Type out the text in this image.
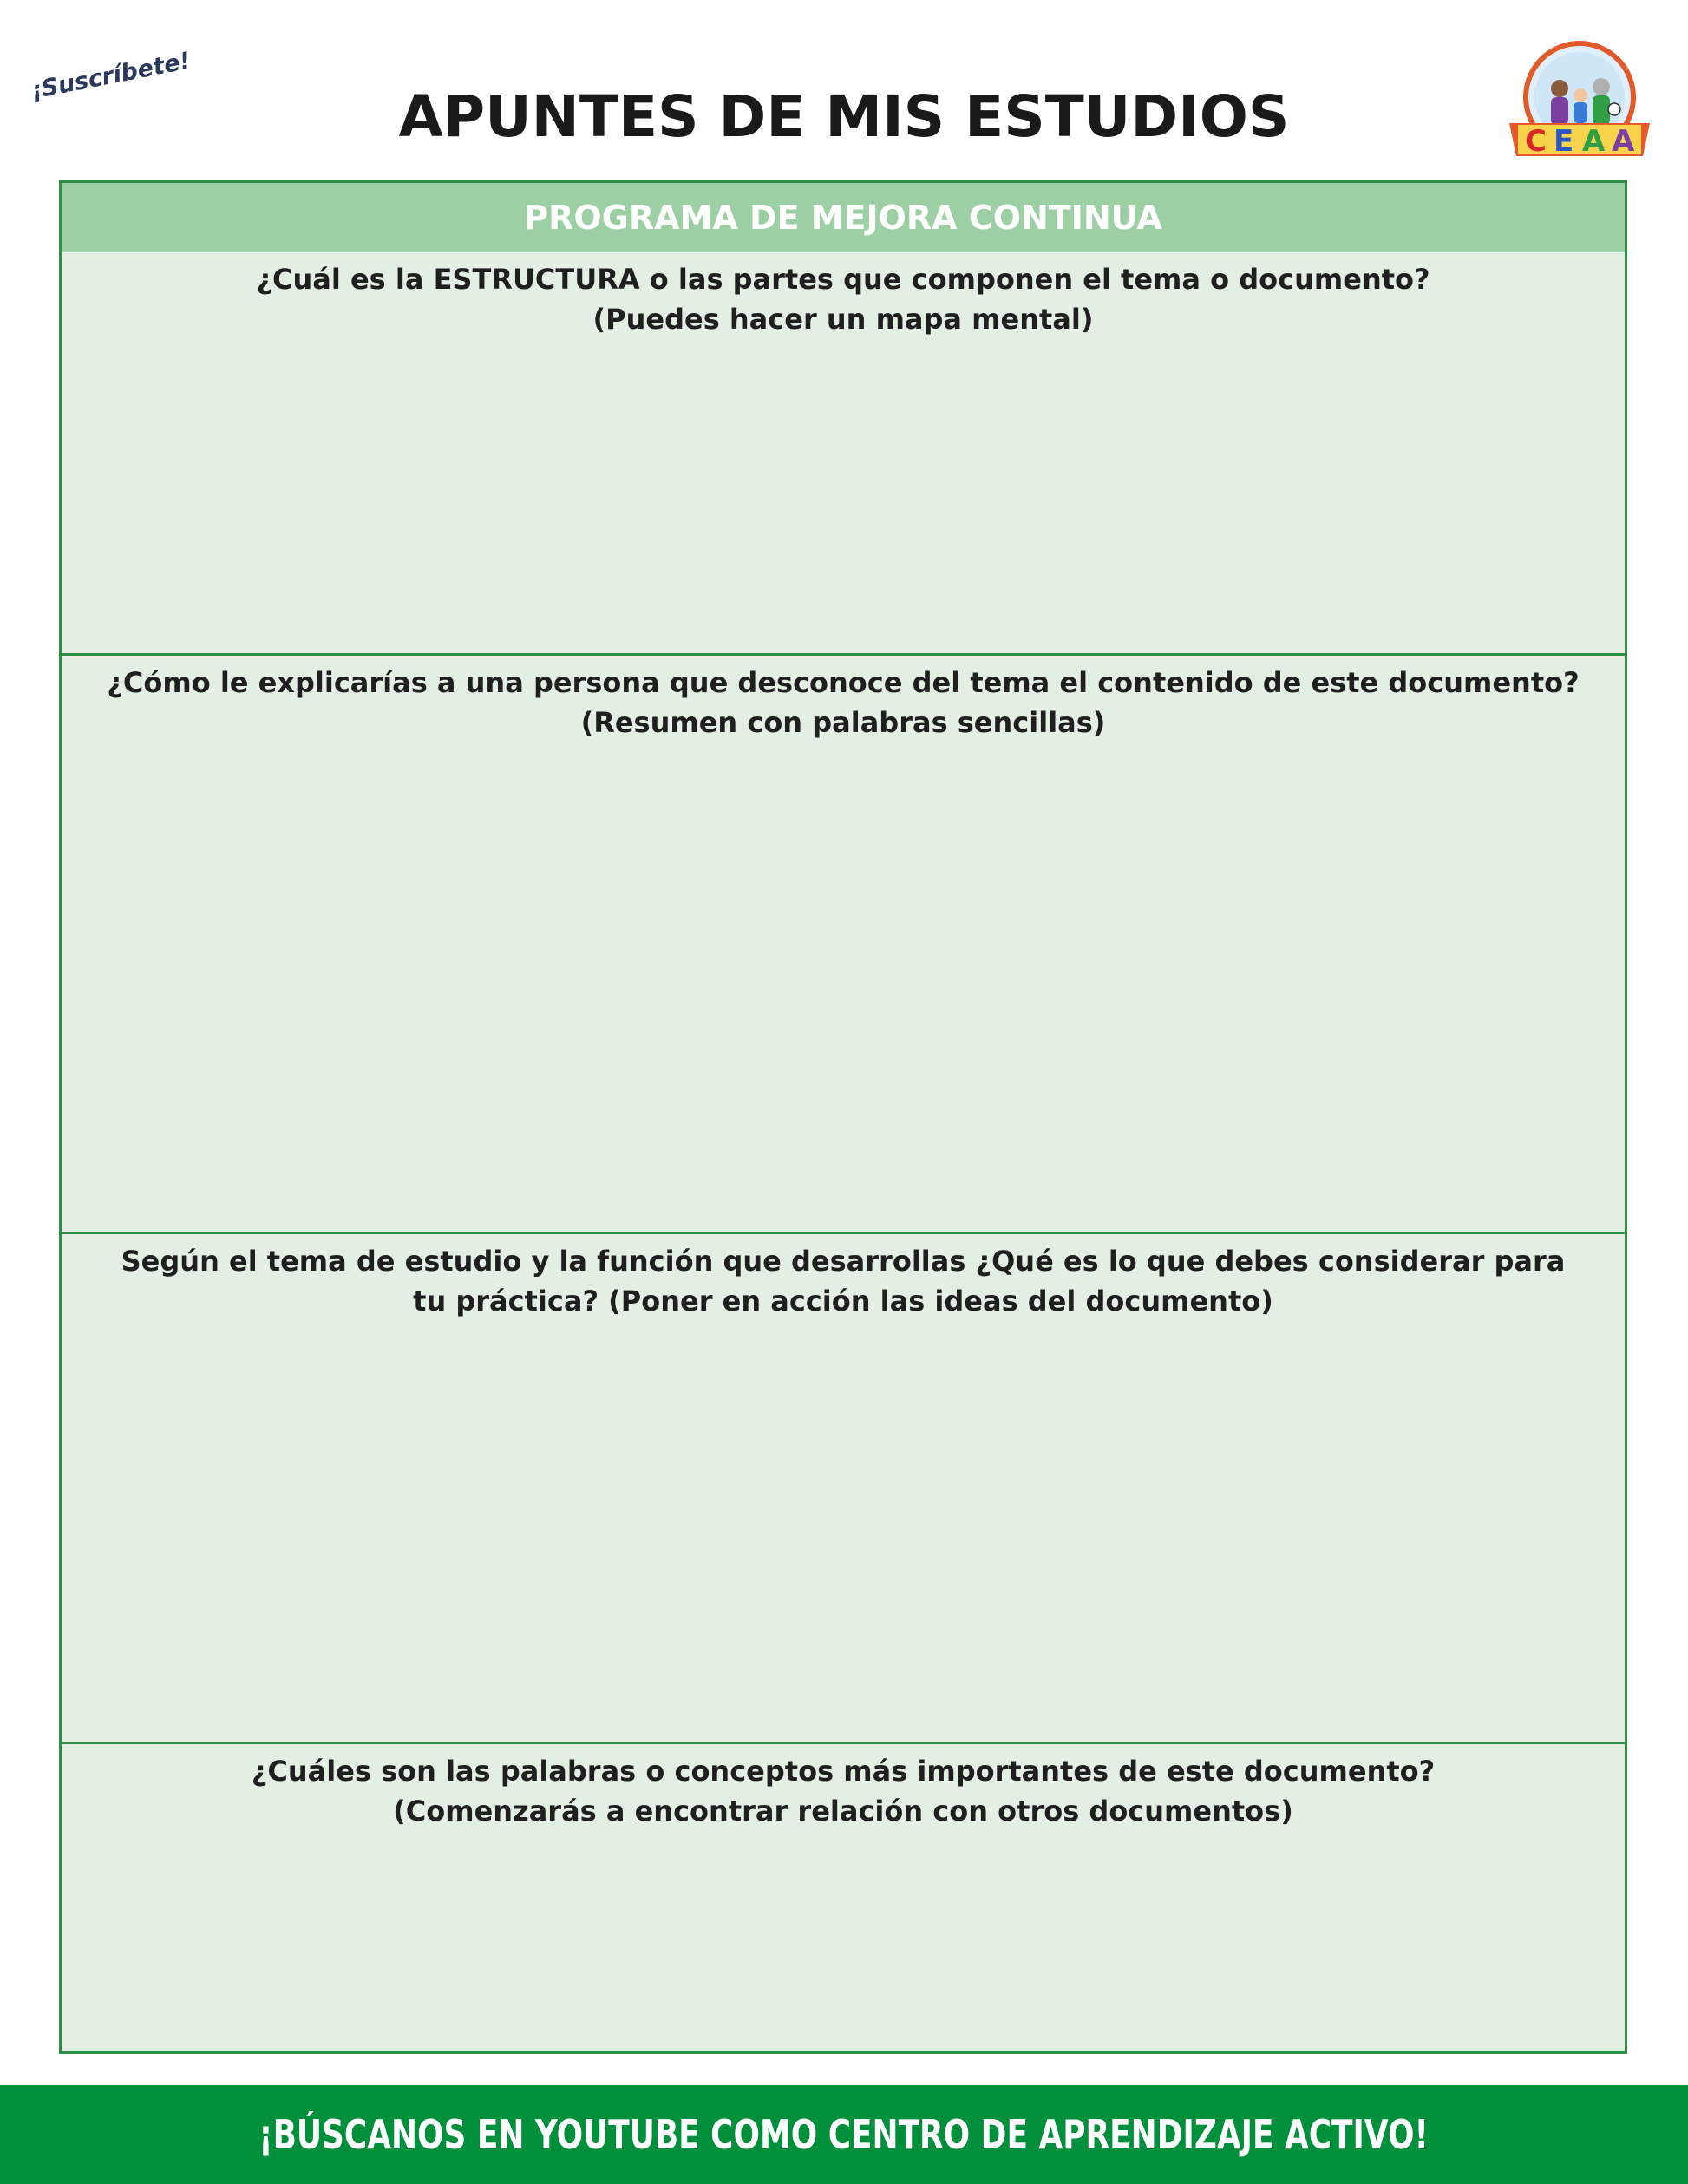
¡Suscríbete!
APUNTES DE MIS ESTUDIOS	C E A A
PROGRAMA DE MEJORA CONTINUA
¿Cuál es la ESTRUCTURA o las partes que componen el tema o documento?
(Puedes hacer un mapa mental)
¿Cómo le explicarías a una persona que desconoce del tema el contenido de este documento?
(Resumen con palabras sencillas)
Según el tema de estudio y la función que desarrollas ¿Qué es lo que debes considerar para
tu práctica? (Poner en acción las ideas del documento)
¿Cuáles son las palabras o conceptos más importantes de este documento?
(Comenzarás a encontrar relación con otros documentos)
¡BÚSCANOS EN YOUTUBE COMO CENTRO DE APRENDIZAJE ACTIVO!
